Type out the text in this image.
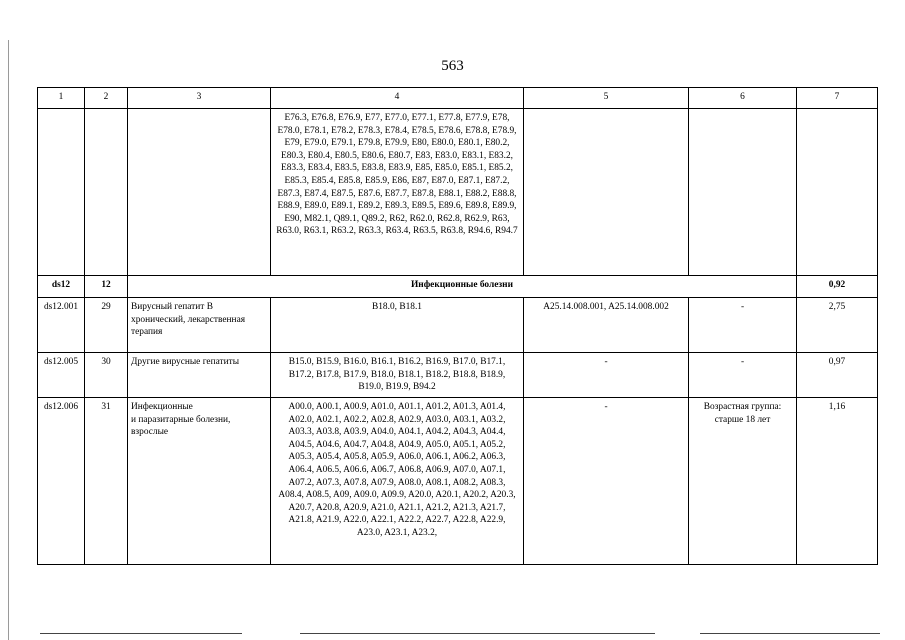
563
1	2	3	4	5	6	7
			E76.3, E76.8, E76.9, E77, E77.0, E77.1, E77.8, E77.9, E78, E78.0, E78.1, E78.2, E78.3, E78.4, E78.5, E78.6, E78.8, E78.9, E79, E79.0, E79.1, E79.8, E79.9, E80, E80.0, E80.1, E80.2, E80.3, E80.4, E80.5, E80.6, E80.7, E83, E83.0, E83.1, E83.2, E83.3, E83.4, E83.5, E83.8, E83.9, E85, E85.0, E85.1, E85.2, E85.3, E85.4, E85.8, E85.9, E86, E87, E87.0, E87.1, E87.2, E87.3, E87.4, E87.5, E87.6, E87.7, E87.8, E88.1, E88.2, E88.8, E88.9, E89.0, E89.1, E89.2, E89.3, E89.5, E89.6, E89.8, E89.9, E90, M82.1, Q89.1, Q89.2, R62, R62.0, R62.8, R62.9, R63, R63.0, R63.1, R63.2, R63.3, R63.4, R63.5, R63.8, R94.6, R94.7			
ds12	12	Инфекционные болезни				0,92
ds12.001	29	Вирусный гепатит B хронический, лекарственная терапия	B18.0, B18.1	A25.14.008.001, A25.14.008.002	-	2,75
ds12.005	30	Другие вирусные гепатиты	B15.0, B15.9, B16.0, B16.1, B16.2, B16.9, B17.0, B17.1, B17.2, B17.8, B17.9, B18.0, B18.1, B18.2, B18.8, B18.9, B19.0, B19.9, B94.2	-	-	0,97
ds12.006	31	Инфекционные
и паразитарные болезни, взрослые	A00.0, A00.1, A00.9, A01.0, A01.1, A01.2, A01.3, A01.4, A02.0, A02.1, A02.2, A02.8, A02.9, A03.0, A03.1, A03.2, A03.3, A03.8, A03.9, A04.0, A04.1, A04.2, A04.3, A04.4, A04.5, A04.6, A04.7, A04.8, A04.9, A05.0, A05.1, A05.2, A05.3, A05.4, A05.8, A05.9, A06.0, A06.1, A06.2, A06.3, A06.4, A06.5, A06.6, A06.7, A06.8, A06.9, A07.0, A07.1, A07.2, A07.3, A07.8, A07.9, A08.0, A08.1, A08.2, A08.3, A08.4, A08.5, A09, A09.0, A09.9, A20.0, A20.1, A20.2, A20.3, A20.7, A20.8, A20.9, A21.0, A21.1, A21.2, A21.3, A21.7, A21.8, A21.9, A22.0, A22.1, A22.2, A22.7, A22.8, A22.9, A23.0, A23.1, A23.2,	-	Возрастная группа: старше 18 лет	1,16
